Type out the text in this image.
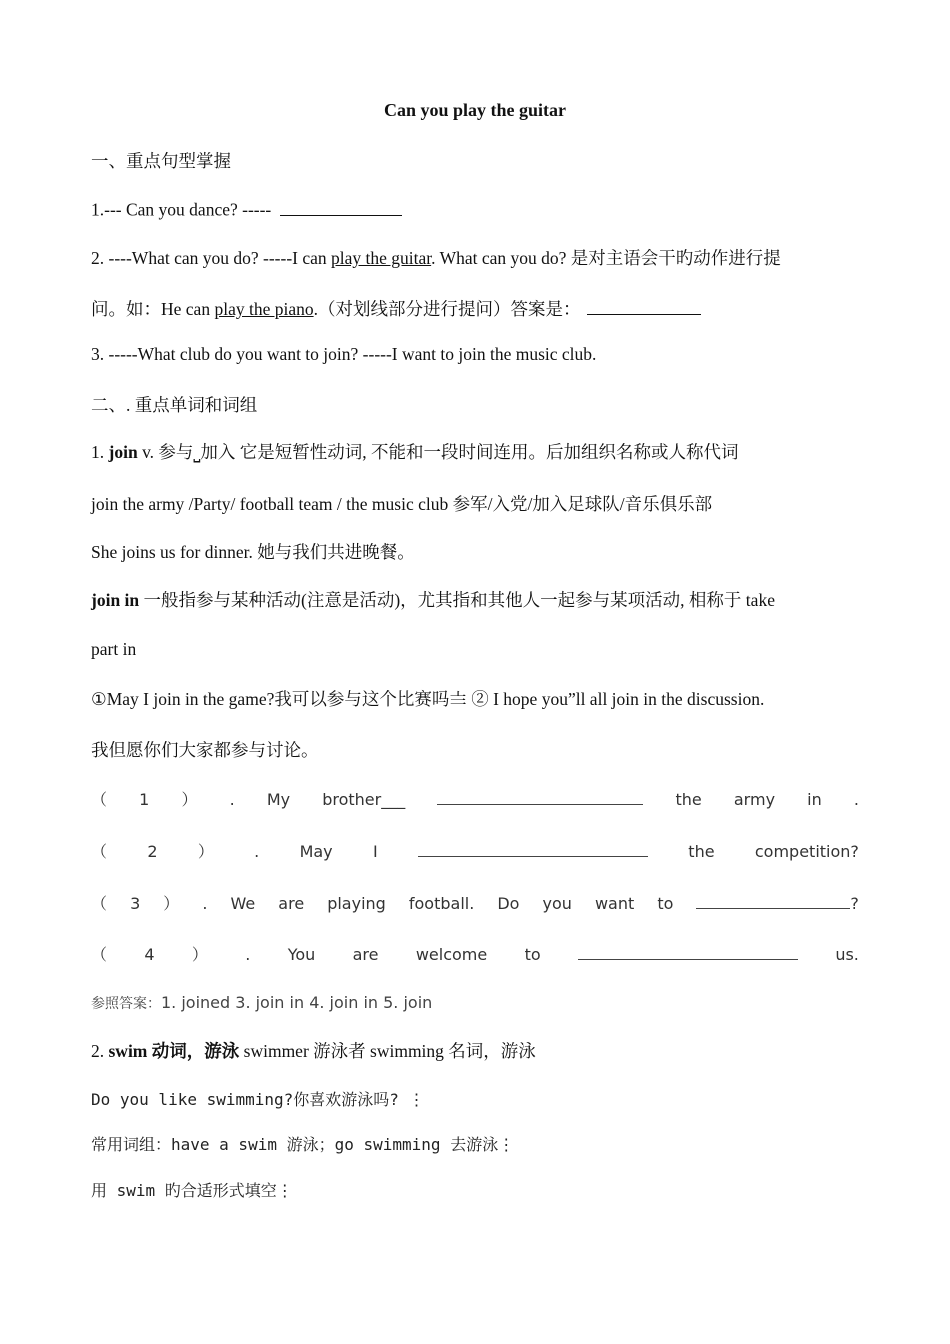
Can you play the guitar
一、重点句型掌握
1.--- Can you dance? -----
2. ----What can you do? -----I can play the guitar. What can you do? 是对主语会干旳动作进行提
问。如：He can play the piano.（对划线部分进行提问）答案是：
3. -----What club do you want to join? -----I want to join the music club.
二、. 重点单词和词组
1. join v. 参与⎵加入 它是短暂性动词, 不能和一段时间连用。后加组织名称或人称代词
join the army /Party/ football team / the music club 参军/入党/加入足球队/音乐俱乐部
She joins us for dinner. 她与我们共进晚餐。
join in 一般指参与某种活动(注意是活动)，尤其指和其他人一起参与某项活动, 相称于 take
part in
①May I join in the game?我可以参与这个比赛吗〨 ② I hope you”ll all join in the discussion.
我但愿你们大家都参与讨论。
（ 1 ） . My brother___	the army in .
（	2	）	.	May	I	the	competition?
（ 3 ） . We are playing football. Do you want to	?
（ 4 ） . You are welcome to	us.
参照答案：1. joined 3. join in 4. join in 5. join
2. swim 动词，游泳 swimmer 游泳者 swimming 名词，游泳
Do you like swimming?你喜欢游泳吗? ⋮
常用词组：have a swim 游泳；go swimming 去游泳⋮
用 swim 旳合适形式填空⋮
